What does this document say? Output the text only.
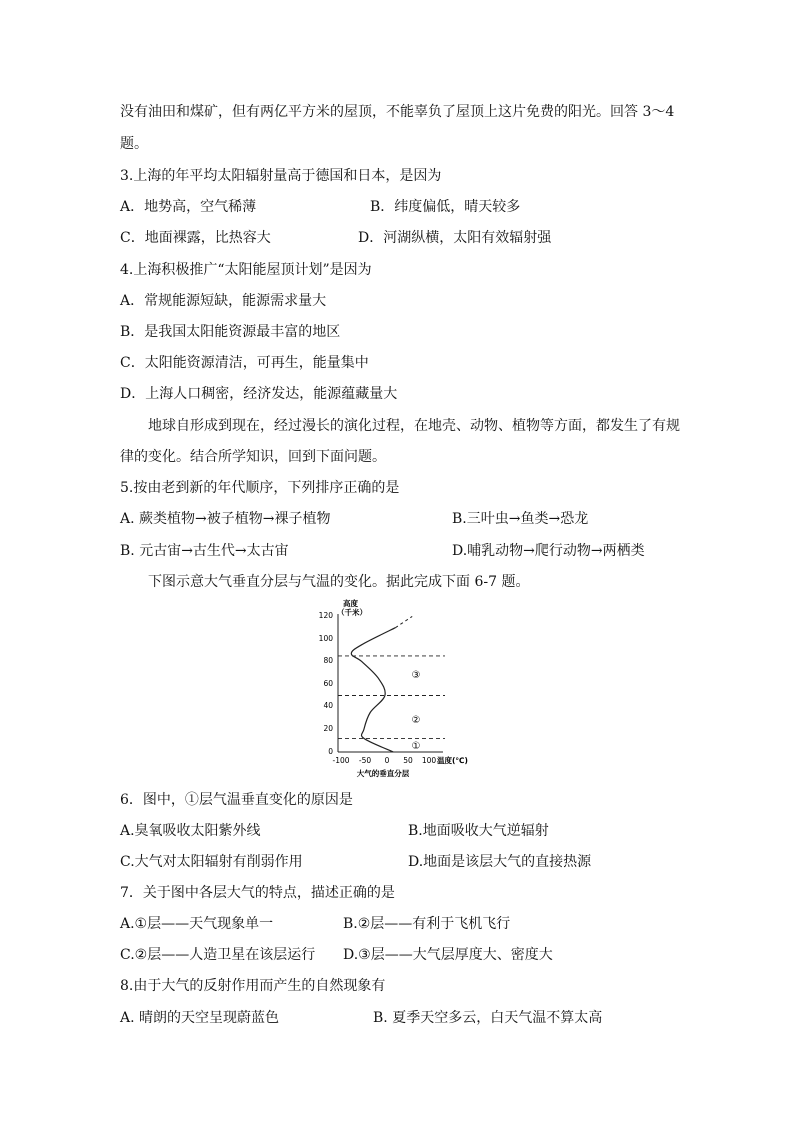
没有油田和煤矿，但有两亿平方米的屋顶，不能辜负了屋顶上这片免费的阳光。回答 3～4
题。
3.上海的年平均太阳辐射量高于德国和日本，是因为
A．地势高，空气稀薄	B．纬度偏低，晴天较多
C．地面裸露，比热容大	D．河湖纵横，太阳有效辐射强
4.上海积极推广“太阳能屋顶计划”是因为
A．常规能源短缺，能源需求量大
B．是我国太阳能资源最丰富的地区
C．太阳能资源清洁，可再生，能量集中
D．上海人口稠密，经济发达，能源蕴藏量大
地球自形成到现在，经过漫长的演化过程，在地壳、动物、植物等方面，都发生了有规
律的变化。结合所学知识，回到下面问题。
5.按由老到新的年代顺序，下列排序正确的是
A. 蕨类植物→被子植物→裸子植物	B.三叶虫→鱼类→恐龙
B. 元古宙→古生代→太古宙	D.哺乳动物→爬行动物→两栖类
下图示意大气垂直分层与气温的变化。据此完成下面 6-7 题。
高度
（千米）
120
100
80
60
40
20
0
-100 -50 0 50 100 温度(℃)
①
②
③
大气的垂直分层
6．图中，①层气温垂直变化的原因是
A.臭氧吸收太阳紫外线	B.地面吸收大气逆辐射
C.大气对太阳辐射有削弱作用	D.地面是该层大气的直接热源
7．关于图中各层大气的特点，描述正确的是
A.①层——天气现象单一	B.②层——有利于飞机飞行
C.②层——人造卫星在该层运行 D.③层——大气层厚度大、密度大
8.由于大气的反射作用而产生的自然现象有
A. 晴朗的天空呈现蔚蓝色	B. 夏季天空多云，白天气温不算太高
